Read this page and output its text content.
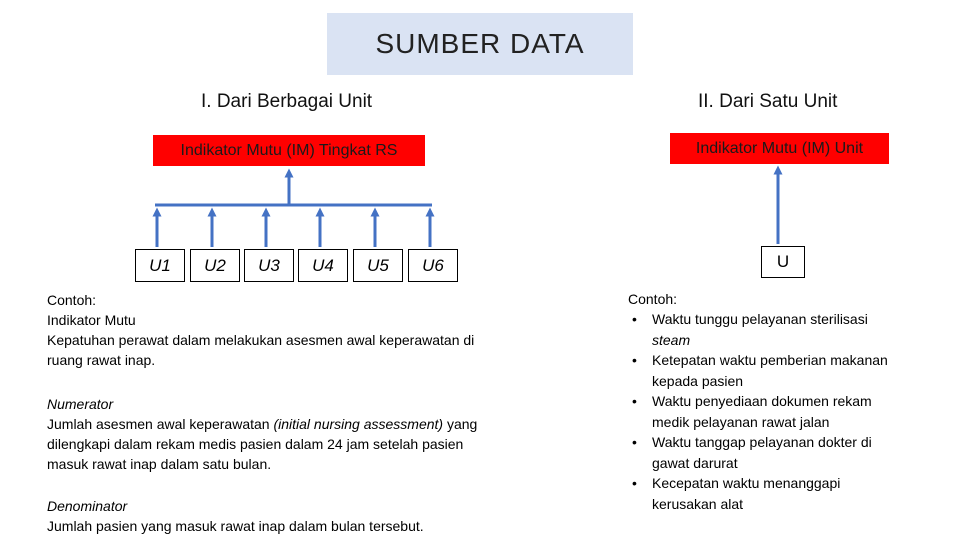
SUMBER DATA
I. Dari Berbagai Unit
Indikator Mutu (IM) Tingkat RS
U1	U2	U3	U4	U5	U6
Contoh:
Indikator Mutu
Kepatuhan perawat dalam melakukan asesmen awal keperawatan di
ruang rawat inap.
Numerator
Jumlah asesmen awal keperawatan (initial nursing assessment) yang
dilengkapi dalam rekam medis pasien dalam 24 jam setelah pasien
masuk rawat inap dalam satu bulan.
Denominator
Jumlah pasien yang masuk rawat inap dalam bulan tersebut.
II. Dari Satu Unit
Indikator Mutu (IM) Unit
U
Contoh:
• Waktu tunggu pelayanan sterilisasi
steam
• Ketepatan waktu pemberian makanan
kepada pasien
• Waktu penyediaan dokumen rekam
medik pelayanan rawat jalan
• Waktu tanggap pelayanan dokter di
gawat darurat
• Kecepatan waktu menanggapi
kerusakan alat
